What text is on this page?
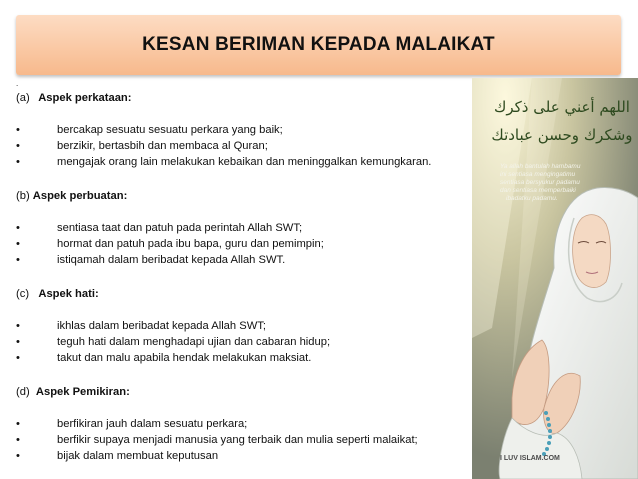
KESAN BERIMAN KEPADA MALAIKAT
.
(a) Aspek perkataan:
•	bercakap sesuatu sesuatu perkara yang baik;
•	berzikir, bertasbih dan membaca al Quran;
•	mengajak orang lain melakukan kebaikan dan meninggalkan kemungkaran.
(b) Aspek perbuatan:
•	sentiasa taat dan patuh pada perintah Allah SWT;
•	hormat dan patuh pada ibu bapa, guru dan pemimpin;
•	istiqamah dalam beribadat kepada Allah SWT.
(c) Aspek hati:
•	ikhlas dalam beribadat kepada Allah SWT;
•	teguh hati dalam menghadapi ujian dan cabaran hidup;
•	takut dan malu apabila hendak melakukan maksiat.
(d) Aspek Pemikiran:
•	berfikiran jauh dalam sesuatu perkara;
•	berfikir supaya menjadi manusia yang terbaik dan mulia seperti malaikat;
•	bijak dalam membuat keputusan
اللهم أعني على ذكرك
وشكرك وحسن عبادتك
Ya allah bantulah hambamu
ini sentiasa mengingatimu
sentiasa bersyukur padamu
dan sentiasa memperbaiki
ibadatku padamu.
I LUV ISLAM.COM
